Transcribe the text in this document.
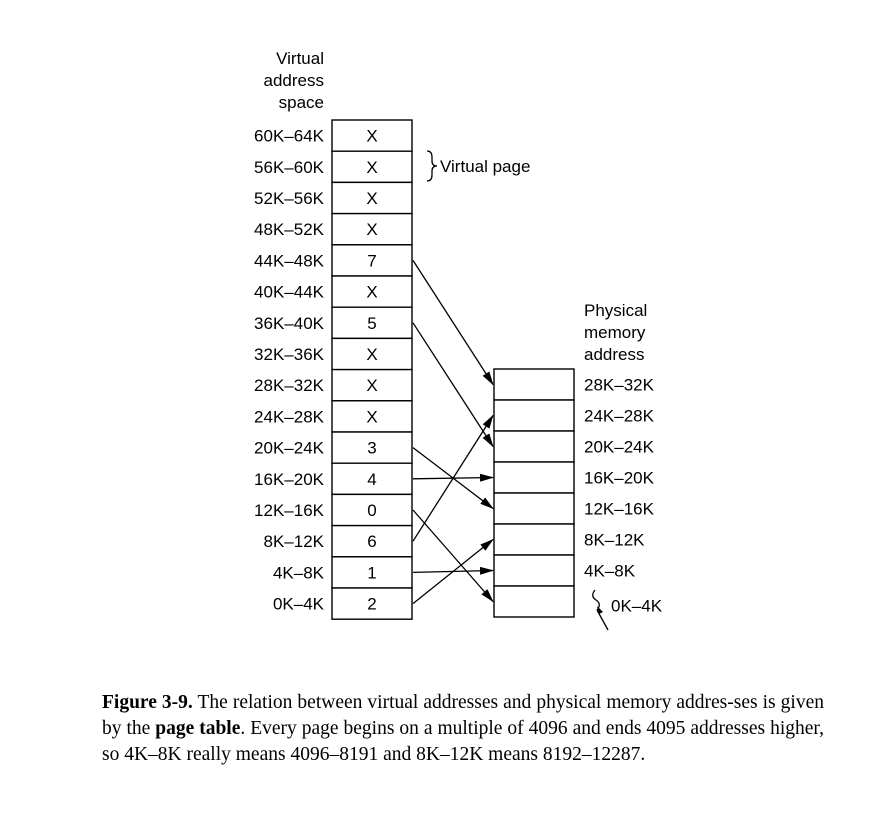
Virtual
address
space
X
60K–64K
X
56K–60K
X
52K–56K
X
48K–52K
7
44K–48K
X
40K–44K
5
36K–40K
X
32K–36K
X
28K–32K
X
24K–28K
3
20K–24K
4
16K–20K
0
12K–16K
6
8K–12K
1
4K–8K
2
0K–4K
Virtual page
Physical
memory
address
28K–32K
24K–28K
20K–24K
16K–20K
12K–16K
8K–12K
4K–8K
0K–4K
Figure 3-9. The relation between virtual addresses and physical memory addres-ses is given by the page table. Every page begins on a multiple of 4096 and ends 4095 addresses higher, so 4K–8K really means 4096–8191 and 8K–12K means 8192–12287.
